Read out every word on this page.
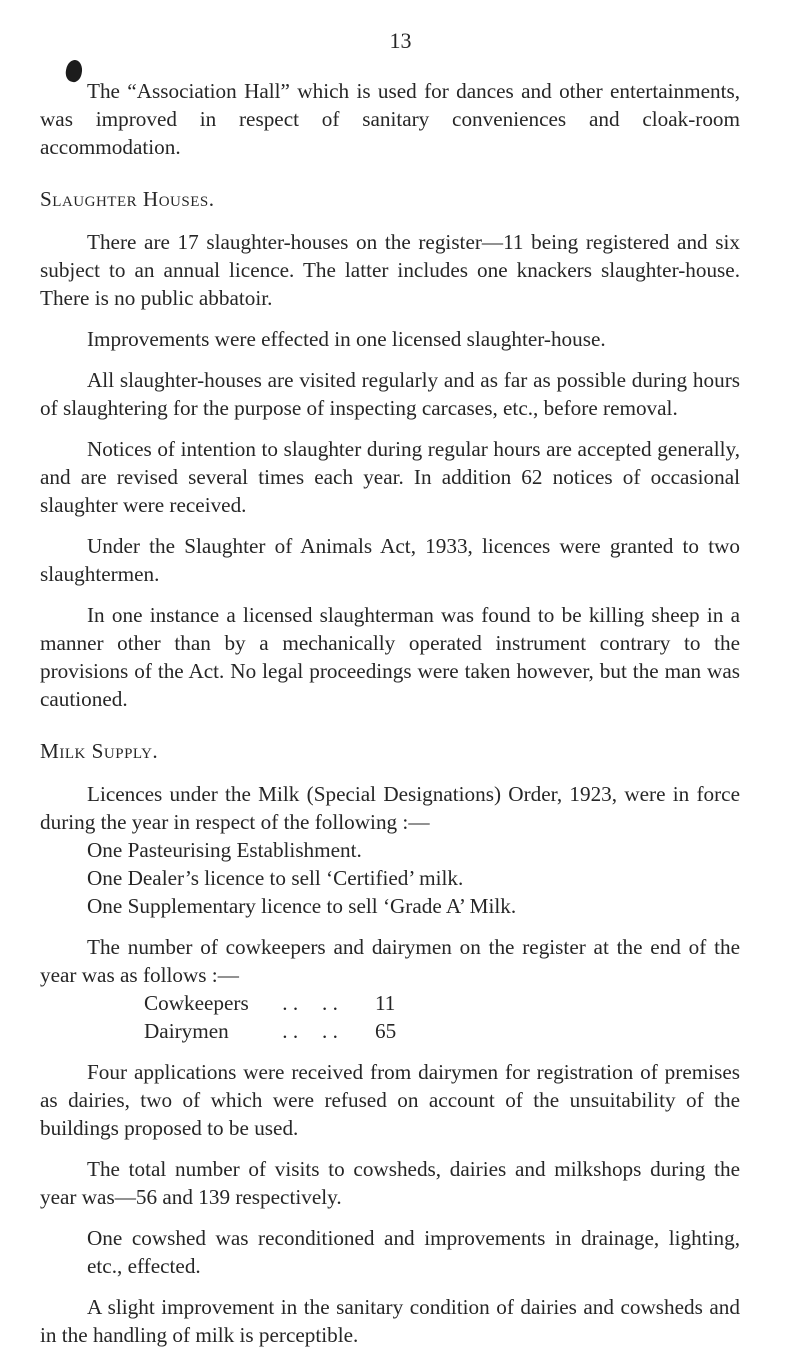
13

The “Association Hall” which is used for dances and other entertainments, was improved in respect of sanitary conveniences and cloak-room accommodation.

Slaughter Houses.

There are 17 slaughter-houses on the register—11 being registered and six subject to an annual licence. The latter includes one knackers slaughter-house. There is no public abbatoir.

Improvements were effected in one licensed slaughter-house.

All slaughter-houses are visited regularly and as far as possible during hours of slaughtering for the purpose of inspecting carcases, etc., before removal.

Notices of intention to slaughter during regular hours are accepted generally, and are revised several times each year. In addition 62 notices of occasional slaughter were received.

Under the Slaughter of Animals Act, 1933, licences were granted to two slaughtermen.

In one instance a licensed slaughterman was found to be killing sheep in a manner other than by a mechanically operated instrument contrary to the provisions of the Act. No legal proceedings were taken however, but the man was cautioned.

Milk Supply.

Licences under the Milk (Special Designations) Order, 1923, were in force during the year in respect of the following :—

One Pasteurising Establishment.
One Dealer’s licence to sell ‘Certified’ milk.
One Supplementary licence to sell ‘Grade A’ Milk.

The number of cowkeepers and dairymen on the register at the end of the year was as follows :—

Cowkeepers	. .	. .	11
Dairymen	. .	. .	65

Four applications were received from dairymen for registration of premises as dairies, two of which were refused on account of the unsuitability of the buildings proposed to be used.

The total number of visits to cowsheds, dairies and milkshops during the year was—56 and 139 respectively.

One cowshed was reconditioned and improvements in drainage, lighting, etc., effected.

A slight improvement in the sanitary condition of dairies and cowsheds and in the handling of milk is perceptible.
